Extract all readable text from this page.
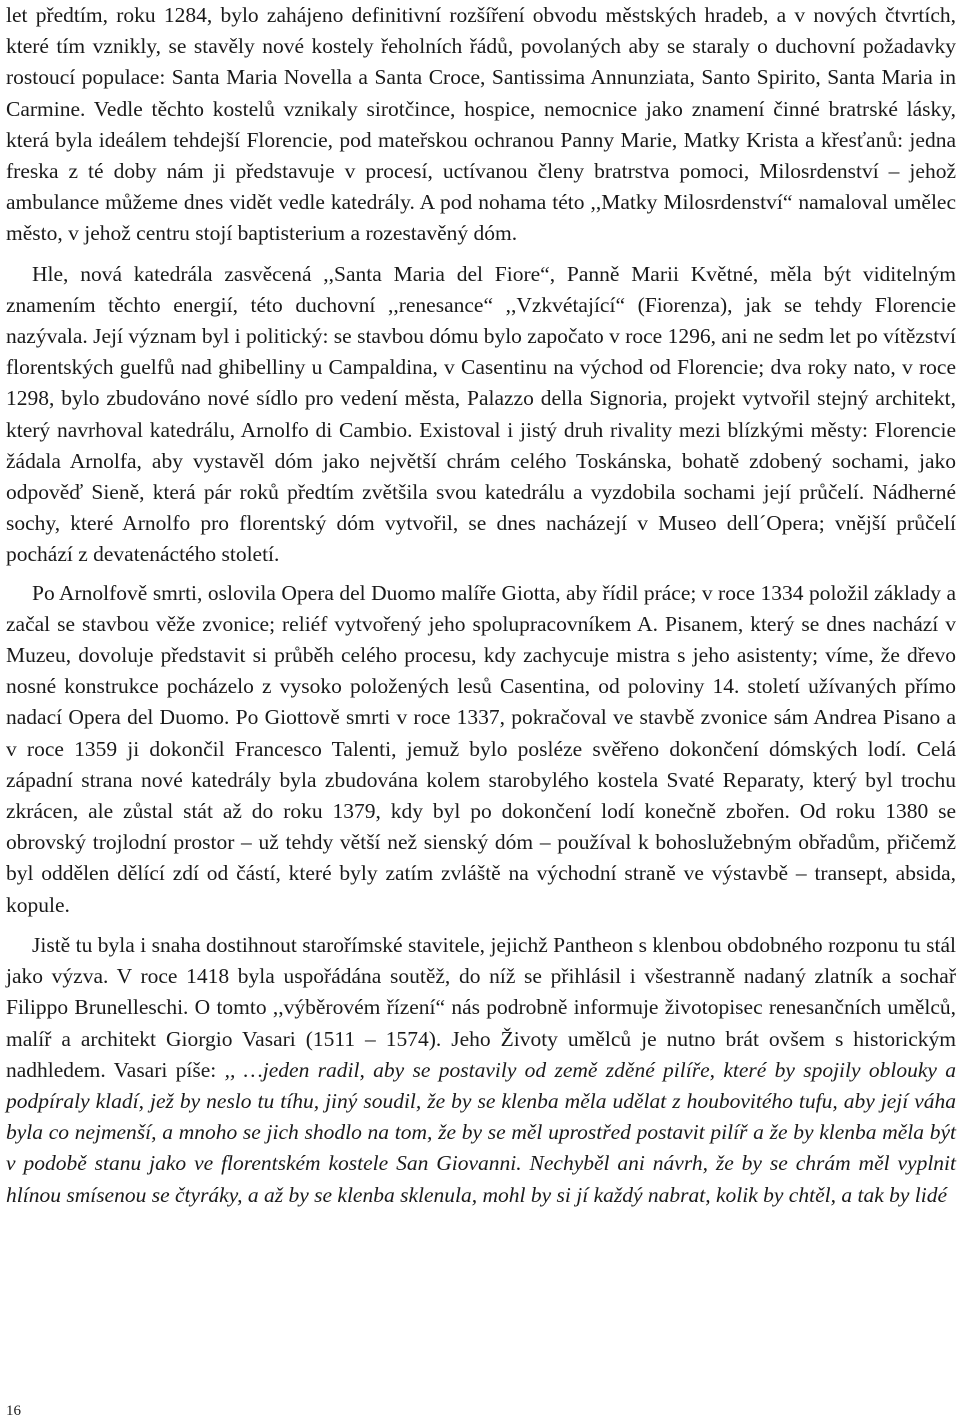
let předtím, roku 1284, bylo zahájeno definitivní rozšíření obvodu městských hradeb, a v nových čtvrtích, které tím vznikly, se stavěly nové kostely řeholních řádů, povolaných aby se staraly o duchovní požadavky rostoucí populace: Santa Maria Novella a Santa Croce, Santissima Annunziata, Santo Spirito, Santa Maria in Carmine. Vedle těchto kostelů vznikaly sirotčince, hospice, nemocnice jako znamení činné bratrské lásky, která byla ideálem tehdejší Florencie, pod mateřskou ochranou Panny Marie, Matky Krista a křesťanů: jedna freska z té doby nám ji představuje v procesí, uctívanou členy bratrstva pomoci, Milosrdenství – jehož ambulance můžeme dnes vidět vedle katedrály. A pod nohama této ,,Matky Milosrdenství“ namaloval umělec město, v jehož centru stojí baptisterium a rozestavěný dóm.

Hle, nová katedrála zasvěcená ,,Santa Maria del Fiore“, Panně Marii Květné, měla být viditelným znamením těchto energií, této duchovní ,,renesance“ ,,Vzkvétající“ (Fiorenza), jak se tehdy Florencie nazývala. Její význam byl i politický: se stavbou dómu bylo započato v roce 1296, ani ne sedm let po vítězství florentských guelfů nad ghibelliny u Campaldina, v Casentinu na východ od Florencie; dva roky nato, v roce 1298, bylo zbudováno nové sídlo pro vedení města, Palazzo della Signoria, projekt vytvořil stejný architekt, který navrhoval katedrálu, Arnolfo di Cambio. Existoval i jistý druh rivality mezi blízkými městy: Florencie žádala Arnolfa, aby vystavěl dóm jako největší chrám celého Toskánska, bohatě zdobený sochami, jako odpověď Sieně, která pár roků předtím zvětšila svou katedrálu a vyzdobila sochami její průčelí. Nádherné sochy, které Arnolfo pro florentský dóm vytvořil, se dnes nacházejí v Museo dell´Opera; vnější průčelí pochází z devatenáctého století.

Po Arnolfově smrti, oslovila Opera del Duomo malíře Giotta, aby řídil práce; v roce 1334 položil základy a začal se stavbou věže zvonice; reliéf vytvořený jeho spolupracovníkem A. Pisanem, který se dnes nachází v Muzeu, dovoluje představit si průběh celého procesu, kdy zachycuje mistra s jeho asistenty; víme, že dřevo nosné konstrukce pocházelo z vysoko položených lesů Casentina, od poloviny 14. století užívaných přímo nadací Opera del Duomo. Po Giottově smrti v roce 1337, pokračoval ve stavbě zvonice sám Andrea Pisano a v roce 1359 ji dokončil Francesco Talenti, jemuž bylo posléze svěřeno dokončení dómských lodí. Celá západní strana nové katedrály byla zbudována kolem starobylého kostela Svaté Reparaty, který byl trochu zkrácen, ale zůstal stát až do roku 1379, kdy byl po dokončení lodí konečně zbořen. Od roku 1380 se obrovský trojlodní prostor – už tehdy větší než sienský dóm – používal k bohoslužebným obřadům, přičemž byl oddělen dělící zdí od částí, které byly zatím zvláště na východní straně ve výstavbě – transept, absida, kopule.

Jistě tu byla i snaha dostihnout starořímské stavitele, jejichž Pantheon s klenbou obdobného rozponu tu stál jako výzva. V roce 1418 byla uspořádána soutěž, do níž se přihlásil i všestranně nadaný zlatník a sochař Filippo Brunelleschi. O tomto ,,výběrovém řízení“ nás podrobně informuje životopisec renesančních umělců, malíř a architekt Giorgio Vasari (1511 – 1574). Jeho Životy umělců je nutno brát ovšem s historickým nadhledem. Vasari píše: ,, …jeden radil, aby se postavily od země zděné pilíře, které by spojily oblouky a podpíraly kladí, jež by neslo tu tíhu, jiný soudil, že by se klenba měla udělat z houbovitého tufu, aby její váha byla co nejmenší, a mnoho se jich shodlo na tom, že by se měl uprostřed postavit pilíř a že by klenba měla být v podobě stanu jako ve florentském kostele San Giovanni. Nechyběl ani návrh, že by se chrám měl vyplnit hlínou smísenou se čtyráky, a až by se klenba sklenula, mohl by si jí každý nabrat, kolik by chtěl, a tak by lidé

16
